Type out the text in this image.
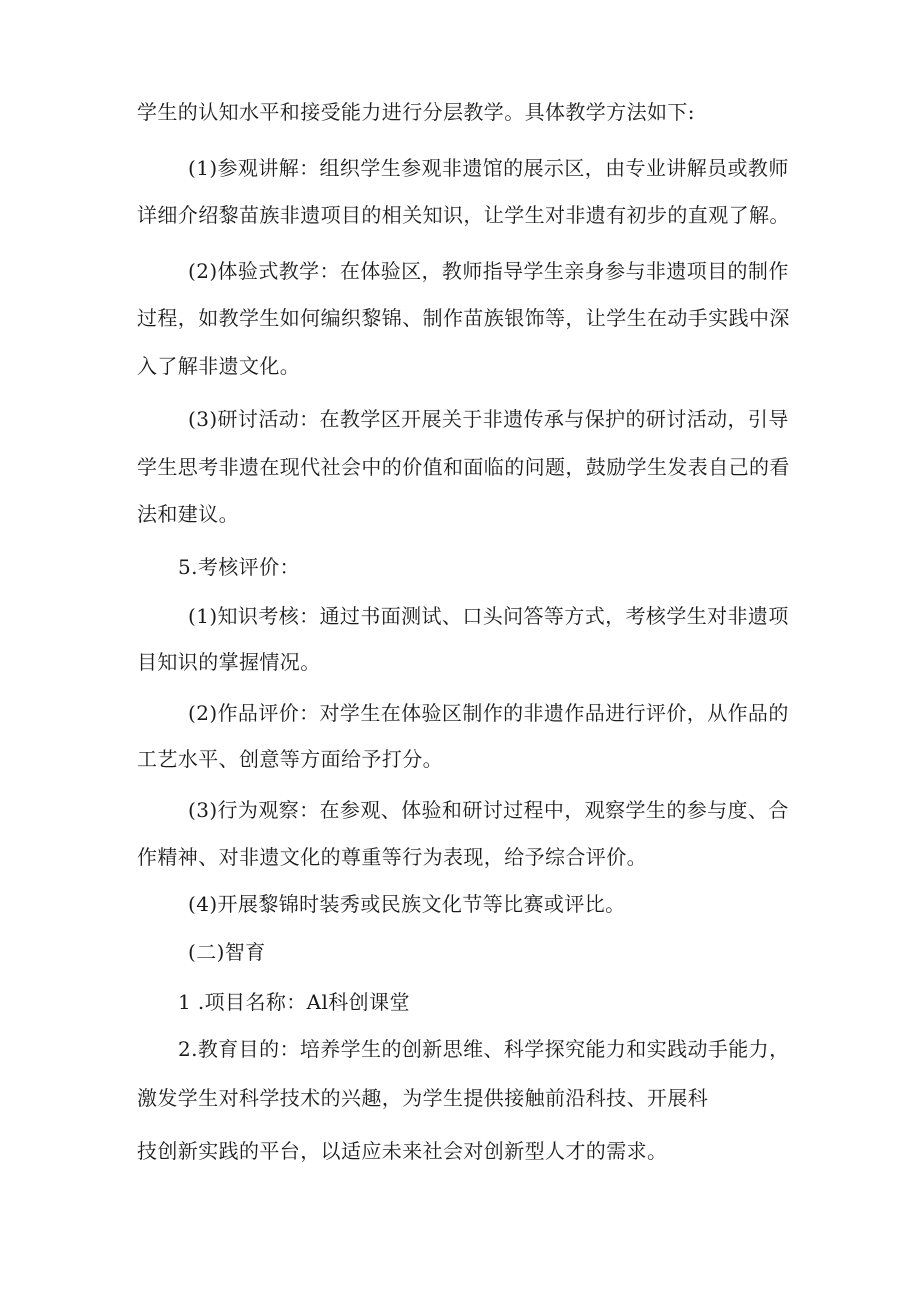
学生的认知水平和接受能力进行分层教学。具体教学方法如下:
(1)参观讲解：组织学生参观非遗馆的展示区，由专业讲解员或教师
详细介绍黎苗族非遗项目的相关知识，让学生对非遗有初步的直观了解。
(2)体验式教学：在体验区，教师指导学生亲身参与非遗项目的制作
过程，如教学生如何编织黎锦、制作苗族银饰等，让学生在动手实践中深
入了解非遗文化。
(3)研讨活动：在教学区开展关于非遗传承与保护的研讨活动，引导
学生思考非遗在现代社会中的价值和面临的问题，鼓励学生发表自己的看
法和建议。
5.考核评价：
(1)知识考核：通过书面测试、口头问答等方式，考核学生对非遗项
目知识的掌握情况。
(2)作品评价：对学生在体验区制作的非遗作品进行评价，从作品的
工艺水平、创意等方面给予打分。
(3)行为观察：在参观、体验和研讨过程中，观察学生的参与度、合
作精神、对非遗文化的尊重等行为表现，给予综合评价。
(4)开展黎锦时装秀或民族文化节等比赛或评比。
(二)智育
1 .项目名称：Al科创课堂
2.教育目的：培养学生的创新思维、科学探究能力和实践动手能力，
激发学生对科学技术的兴趣，为学生提供接触前沿科技、开展科
技创新实践的平台，以适应未来社会对创新型人才的需求。
